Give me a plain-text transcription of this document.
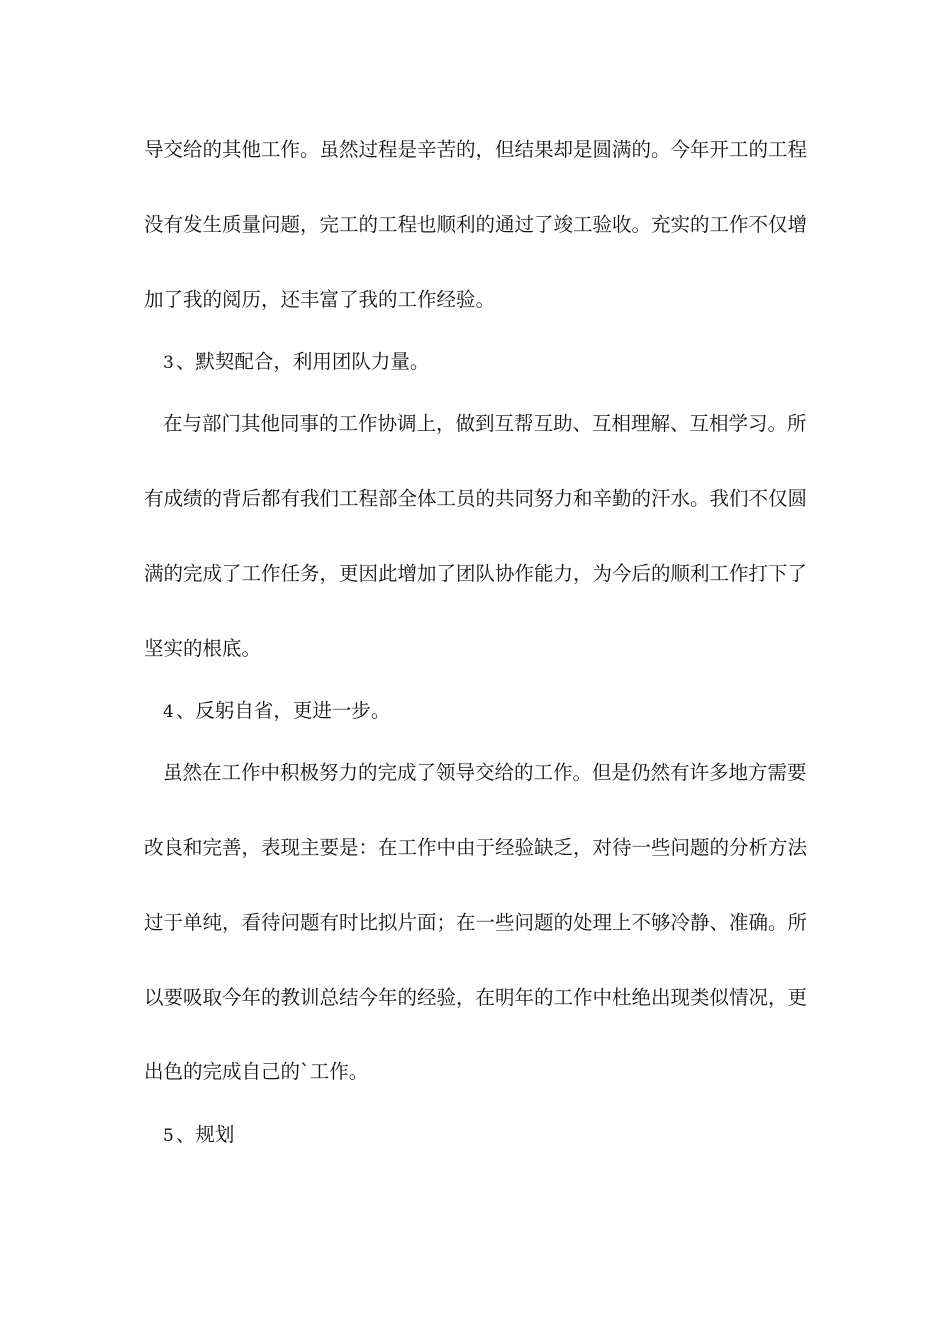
导交给的其他工作。虽然过程是辛苦的，但结果却是圆满的。今年开工的工程
没有发生质量问题，完工的工程也顺利的通过了竣工验收。充实的工作不仅增
加了我的阅历，还丰富了我的工作经验。
3 、默契配合，利用团队力量。
在与部门其他同事的工作协调上，做到互帮互助、互相理解、互相学习。所
有成绩的背后都有我们工程部全体工员的共同努力和辛勤的汗水。我们不仅圆
满的完成了工作任务，更因此增加了团队协作能力，为今后的顺利工作打下了
坚实的根底。
4 、反躬自省，更进一步。
虽然在工作中积极努力的完成了领导交给的工作。但是仍然有许多地方需要
改良和完善，表现主要是：在工作中由于经验缺乏，对待一些问题的分析方法
过于单纯，看待问题有时比拟片面；在一些问题的处理上不够冷静、准确。所
以要吸取今年的教训总结今年的经验，在明年的工作中杜绝出现类似情况，更
出色的完成自己的`工作。
5 、规划
